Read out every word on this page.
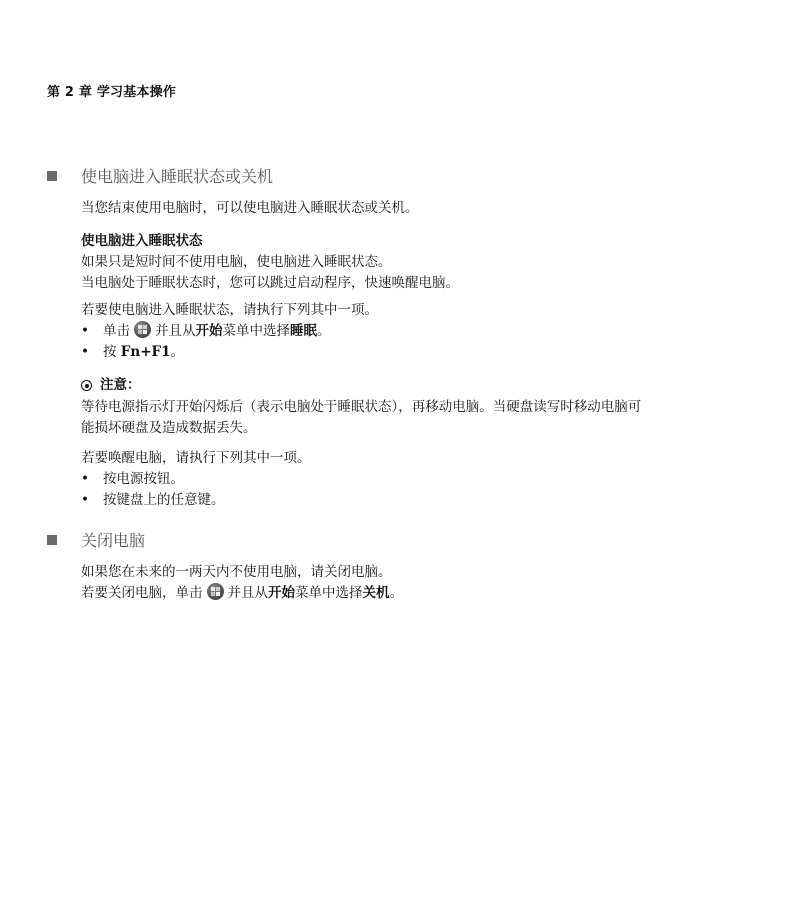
第 2 章 学习基本操作
使电脑进入睡眠状态或关机
当您结束使用电脑时，可以使电脑进入睡眠状态或关机。
使电脑进入睡眠状态
如果只是短时间不使用电脑，使电脑进入睡眠状态。
当电脑处于睡眠状态时，您可以跳过启动程序，快速唤醒电脑。
若要使电脑进入睡眠状态，请执行下列其中一项。
• 单击 并且从开始菜单中选择睡眠。
• 按 Fn+F1。
注意：
等待电源指示灯开始闪烁后（表示电脑处于睡眠状态），再移动电脑。当硬盘读写时移动电脑可
能损坏硬盘及造成数据丢失。
若要唤醒电脑，请执行下列其中一项。
• 按电源按钮。
• 按键盘上的任意键。
关闭电脑
如果您在未来的一两天内不使用电脑，请关闭电脑。
若要关闭电脑，单击 并且从开始菜单中选择关机。
